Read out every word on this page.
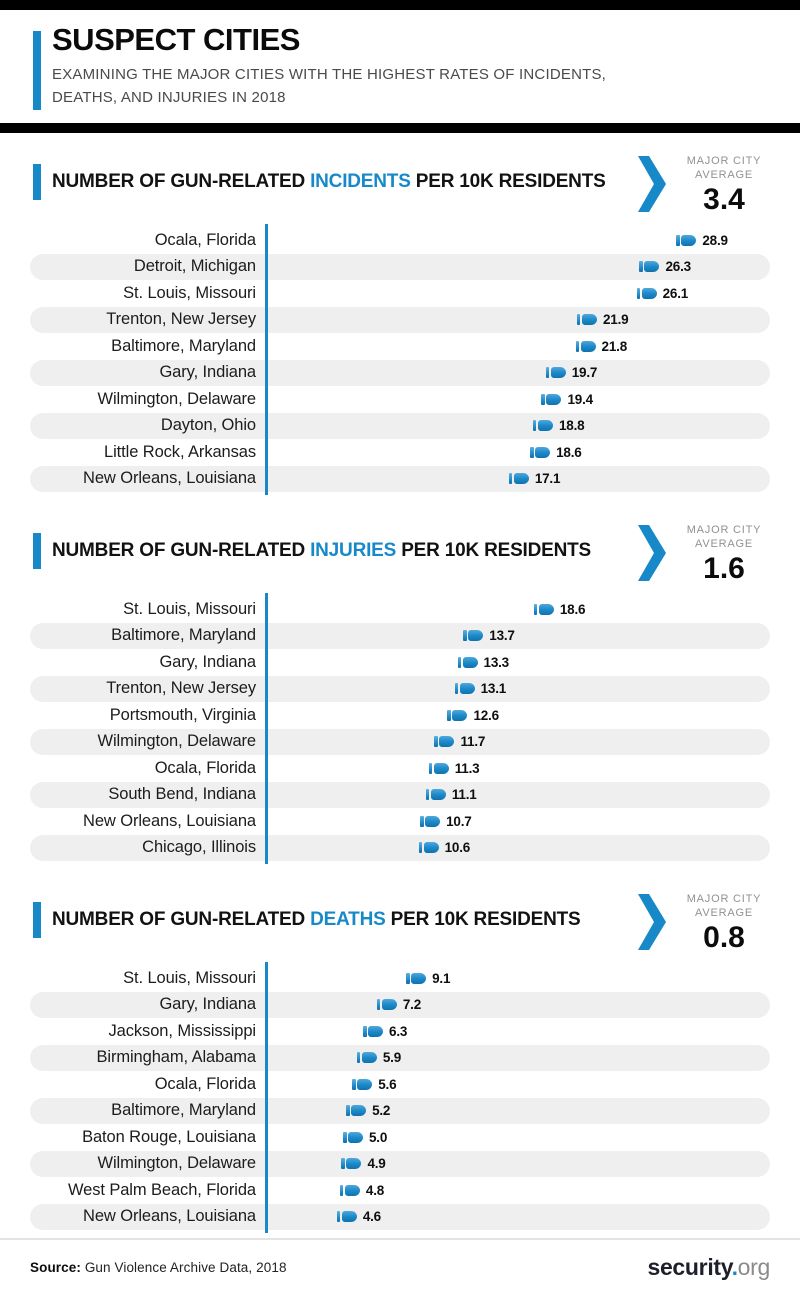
SUSPECT CITIES
EXAMINING THE MAJOR CITIES WITH THE HIGHEST RATES OF INCIDENTS,
DEATHS, AND INJURIES IN 2018
NUMBER OF GUN-RELATED INCIDENTS PER 10K RESIDENTS
MAJOR CITY
AVERAGE
3.4
Ocala, Florida	28.9
Detroit, Michigan	26.3
St. Louis, Missouri	26.1
Trenton, New Jersey	21.9
Baltimore, Maryland	21.8
Gary, Indiana	19.7
Wilmington, Delaware	19.4
Dayton, Ohio	18.8
Little Rock, Arkansas	18.6
New Orleans, Louisiana	17.1
NUMBER OF GUN-RELATED INJURIES PER 10K RESIDENTS
MAJOR CITY
AVERAGE
1.6
St. Louis, Missouri	18.6
Baltimore, Maryland	13.7
Gary, Indiana	13.3
Trenton, New Jersey	13.1
Portsmouth, Virginia	12.6
Wilmington, Delaware	11.7
Ocala, Florida	11.3
South Bend, Indiana	11.1
New Orleans, Louisiana	10.7
Chicago, Illinois	10.6
NUMBER OF GUN-RELATED DEATHS PER 10K RESIDENTS
MAJOR CITY
AVERAGE
0.8
St. Louis, Missouri	9.1
Gary, Indiana	7.2
Jackson, Mississippi	6.3
Birmingham, Alabama	5.9
Ocala, Florida	5.6
Baltimore, Maryland	5.2
Baton Rouge, Louisiana	5.0
Wilmington, Delaware	4.9
West Palm Beach, Florida	4.8
New Orleans, Louisiana	4.6
Source: Gun Violence Archive Data, 2018	security.org
